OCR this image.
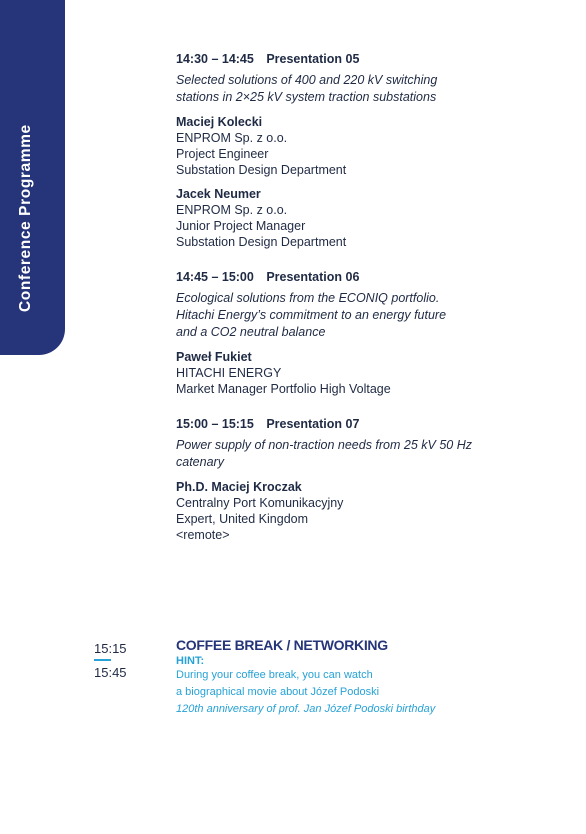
Conference Programme
14:30 – 14:45 Presentation 05
Selected solutions of 400 and 220 kV switching
stations in 2×25 kV system traction substations
Maciej Kolecki
ENPROM Sp. z o.o.
Project Engineer
Substation Design Department
Jacek Neumer
ENPROM Sp. z o.o.
Junior Project Manager
Substation Design Department
14:45 – 15:00 Presentation 06
Ecological solutions from the ECONIQ portfolio.
Hitachi Energy’s commitment to an energy future
and a CO2 neutral balance
Paweł Fukiet
HITACHI ENERGY
Market Manager Portfolio High Voltage
15:00 – 15:15 Presentation 07
Power supply of non-traction needs from 25 kV 50 Hz
catenary
Ph.D. Maciej Kroczak
Centralny Port Komunikacyjny
Expert, United Kingdom
<remote>
15:15
15:45
COFFEE BREAK / NETWORKING
HINT:
During your coffee break, you can watch
a biographical movie about Józef Podoski
120th anniversary of prof. Jan Józef Podoski birthday
